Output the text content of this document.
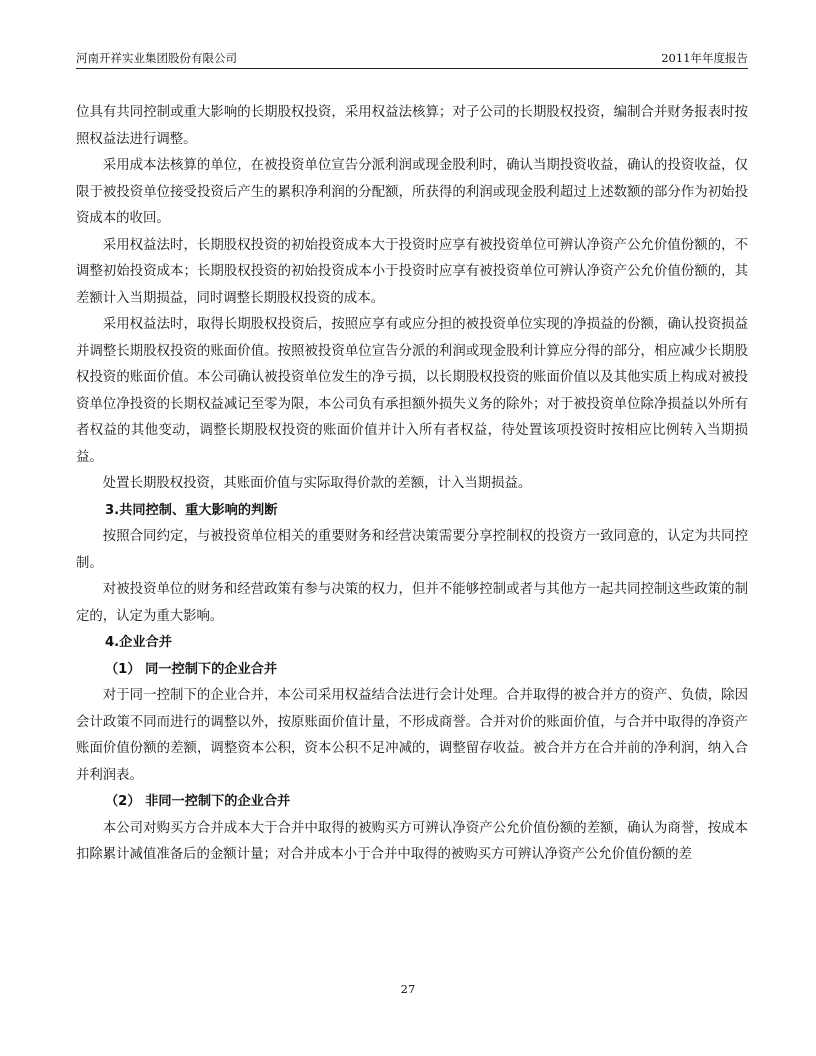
河南开祥实业集团股份有限公司	2011年年度报告

位具有共同控制或重大影响的长期股权投资，采用权益法核算；对子公司的长期股权投资，编制合并财务报表时按照权益法进行调整。

采用成本法核算的单位，在被投资单位宣告分派利润或现金股利时，确认当期投资收益，确认的投资收益，仅限于被投资单位接受投资后产生的累积净利润的分配额，所获得的利润或现金股利超过上述数额的部分作为初始投资成本的收回。

采用权益法时，长期股权投资的初始投资成本大于投资时应享有被投资单位可辨认净资产公允价值份额的，不调整初始投资成本；长期股权投资的初始投资成本小于投资时应享有被投资单位可辨认净资产公允价值份额的，其差额计入当期损益，同时调整长期股权投资的成本。

采用权益法时，取得长期股权投资后，按照应享有或应分担的被投资单位实现的净损益的份额，确认投资损益并调整长期股权投资的账面价值。按照被投资单位宣告分派的利润或现金股利计算应分得的部分，相应减少长期股权投资的账面价值。本公司确认被投资单位发生的净亏损，以长期股权投资的账面价值以及其他实质上构成对被投资单位净投资的长期权益减记至零为限，本公司负有承担额外损失义务的除外；对于被投资单位除净损益以外所有者权益的其他变动，调整长期股权投资的账面价值并计入所有者权益，待处置该项投资时按相应比例转入当期损益。

处置长期股权投资，其账面价值与实际取得价款的差额，计入当期损益。

3.共同控制、重大影响的判断

按照合同约定，与被投资单位相关的重要财务和经营决策需要分享控制权的投资方一致同意的，认定为共同控制。

对被投资单位的财务和经营政策有参与决策的权力，但并不能够控制或者与其他方一起共同控制这些政策的制定的，认定为重大影响。

4.企业合并
（1） 同一控制下的企业合并

对于同一控制下的企业合并，本公司采用权益结合法进行会计处理。合并取得的被合并方的资产、负债，除因会计政策不同而进行的调整以外，按原账面价值计量，不形成商誉。合并对价的账面价值，与合并中取得的净资产账面价值份额的差额，调整资本公积，资本公积不足冲减的，调整留存收益。被合并方在合并前的净利润，纳入合并利润表。

（2） 非同一控制下的企业合并

本公司对购买方合并成本大于合并中取得的被购买方可辨认净资产公允价值份额的差额，确认为商誉，按成本扣除累计减值准备后的金额计量；对合并成本小于合并中取得的被购买方可辨认净资产公允价值份额的差

27
